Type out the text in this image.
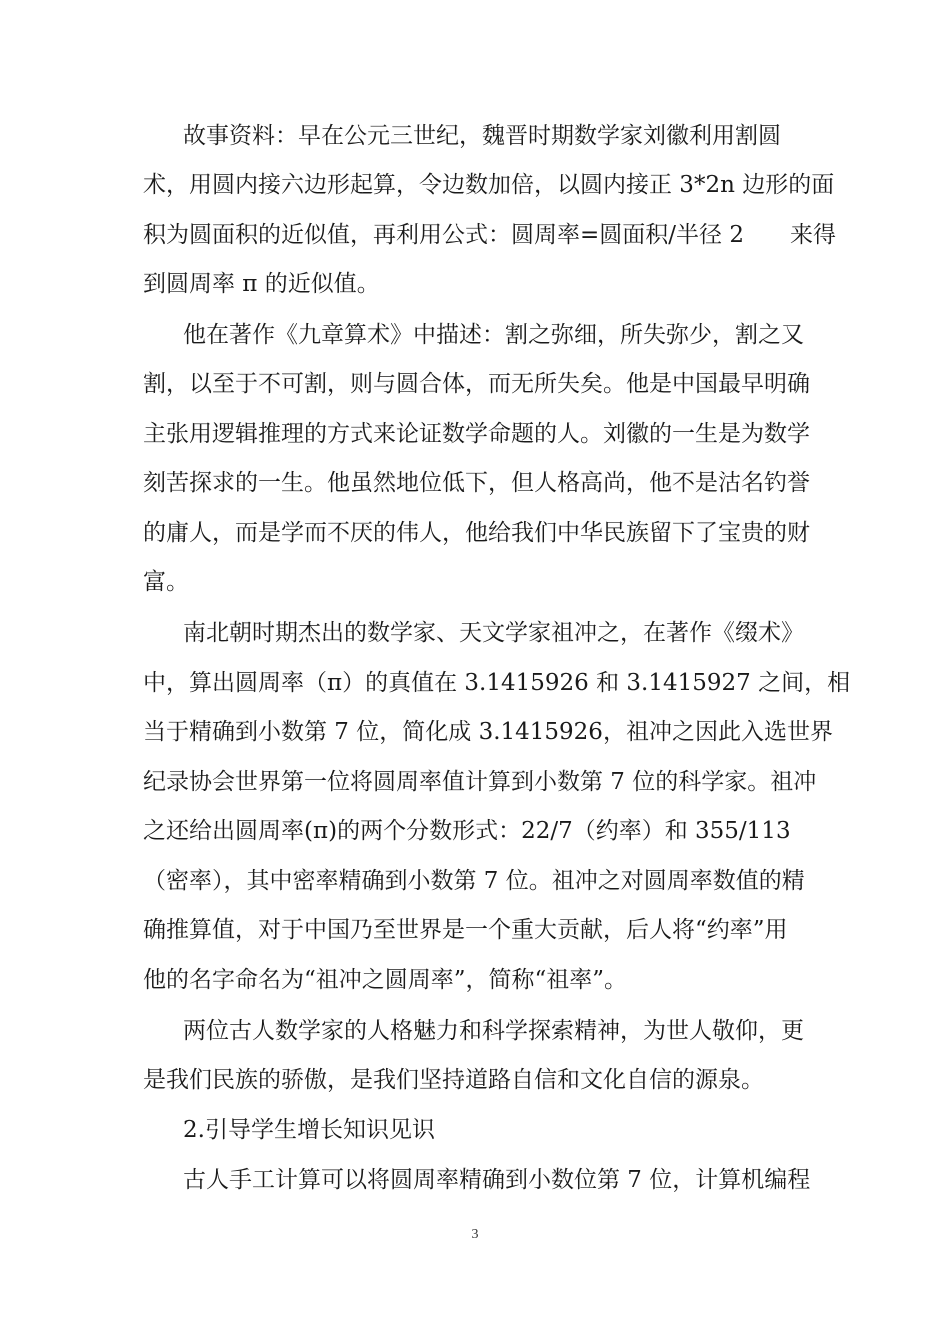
故事资料：早在公元三世纪，魏晋时期数学家刘徽利用割圆

术，用圆内接六边形起算，令边数加倍，以圆内接正 3*2n 边形的面

积为圆面积的近似值，再利用公式：圆周率=圆面积/半径 2　　来得

到圆周率 π 的近似值。

他在著作《九章算术》中描述：割之弥细，所失弥少，割之又

割，以至于不可割，则与圆合体，而无所失矣。他是中国最早明确

主张用逻辑推理的方式来论证数学命题的人。刘徽的一生是为数学

刻苦探求的一生。他虽然地位低下，但人格高尚，他不是沽名钓誉

的庸人，而是学而不厌的伟人，他给我们中华民族留下了宝贵的财

富。

南北朝时期杰出的数学家、天文学家祖冲之，在著作《缀术》

中，算出圆周率（π）的真值在 3.1415926 和 3.1415927 之间，相

当于精确到小数第 7 位，简化成 3.1415926，祖冲之因此入选世界

纪录协会世界第一位将圆周率值计算到小数第 7 位的科学家。祖冲

之还给出圆周率(π)的两个分数形式：22/7（约率）和 355/113

（密率），其中密率精确到小数第 7 位。祖冲之对圆周率数值的精

确推算值，对于中国乃至世界是一个重大贡献，后人将“约率”用

他的名字命名为“祖冲之圆周率”，简称“祖率”。

两位古人数学家的人格魅力和科学探索精神，为世人敬仰，更

是我们民族的骄傲，是我们坚持道路自信和文化自信的源泉。

2.引导学生增长知识见识

古人手工计算可以将圆周率精确到小数位第 7 位，计算机编程

3
